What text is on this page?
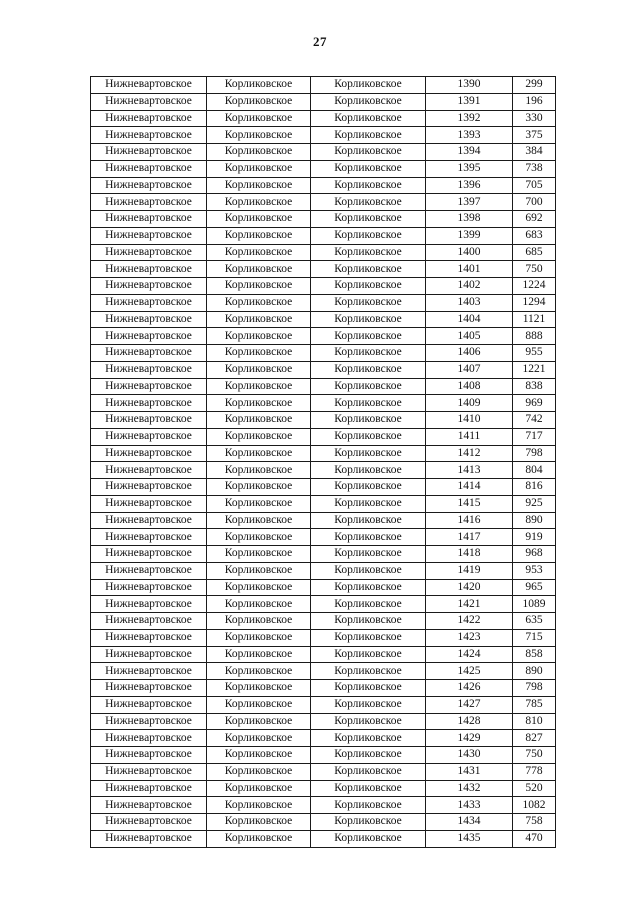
27
Нижневартовское	Корликовское	Корликовское	1390	299
Нижневартовское	Корликовское	Корликовское	1391	196
Нижневартовское	Корликовское	Корликовское	1392	330
Нижневартовское	Корликовское	Корликовское	1393	375
Нижневартовское	Корликовское	Корликовское	1394	384
Нижневартовское	Корликовское	Корликовское	1395	738
Нижневартовское	Корликовское	Корликовское	1396	705
Нижневартовское	Корликовское	Корликовское	1397	700
Нижневартовское	Корликовское	Корликовское	1398	692
Нижневартовское	Корликовское	Корликовское	1399	683
Нижневартовское	Корликовское	Корликовское	1400	685
Нижневартовское	Корликовское	Корликовское	1401	750
Нижневартовское	Корликовское	Корликовское	1402	1224
Нижневартовское	Корликовское	Корликовское	1403	1294
Нижневартовское	Корликовское	Корликовское	1404	1121
Нижневартовское	Корликовское	Корликовское	1405	888
Нижневартовское	Корликовское	Корликовское	1406	955
Нижневартовское	Корликовское	Корликовское	1407	1221
Нижневартовское	Корликовское	Корликовское	1408	838
Нижневартовское	Корликовское	Корликовское	1409	969
Нижневартовское	Корликовское	Корликовское	1410	742
Нижневартовское	Корликовское	Корликовское	1411	717
Нижневартовское	Корликовское	Корликовское	1412	798
Нижневартовское	Корликовское	Корликовское	1413	804
Нижневартовское	Корликовское	Корликовское	1414	816
Нижневартовское	Корликовское	Корликовское	1415	925
Нижневартовское	Корликовское	Корликовское	1416	890
Нижневартовское	Корликовское	Корликовское	1417	919
Нижневартовское	Корликовское	Корликовское	1418	968
Нижневартовское	Корликовское	Корликовское	1419	953
Нижневартовское	Корликовское	Корликовское	1420	965
Нижневартовское	Корликовское	Корликовское	1421	1089
Нижневартовское	Корликовское	Корликовское	1422	635
Нижневартовское	Корликовское	Корликовское	1423	715
Нижневартовское	Корликовское	Корликовское	1424	858
Нижневартовское	Корликовское	Корликовское	1425	890
Нижневартовское	Корликовское	Корликовское	1426	798
Нижневартовское	Корликовское	Корликовское	1427	785
Нижневартовское	Корликовское	Корликовское	1428	810
Нижневартовское	Корликовское	Корликовское	1429	827
Нижневартовское	Корликовское	Корликовское	1430	750
Нижневартовское	Корликовское	Корликовское	1431	778
Нижневартовское	Корликовское	Корликовское	1432	520
Нижневартовское	Корликовское	Корликовское	1433	1082
Нижневартовское	Корликовское	Корликовское	1434	758
Нижневартовское	Корликовское	Корликовское	1435	470
